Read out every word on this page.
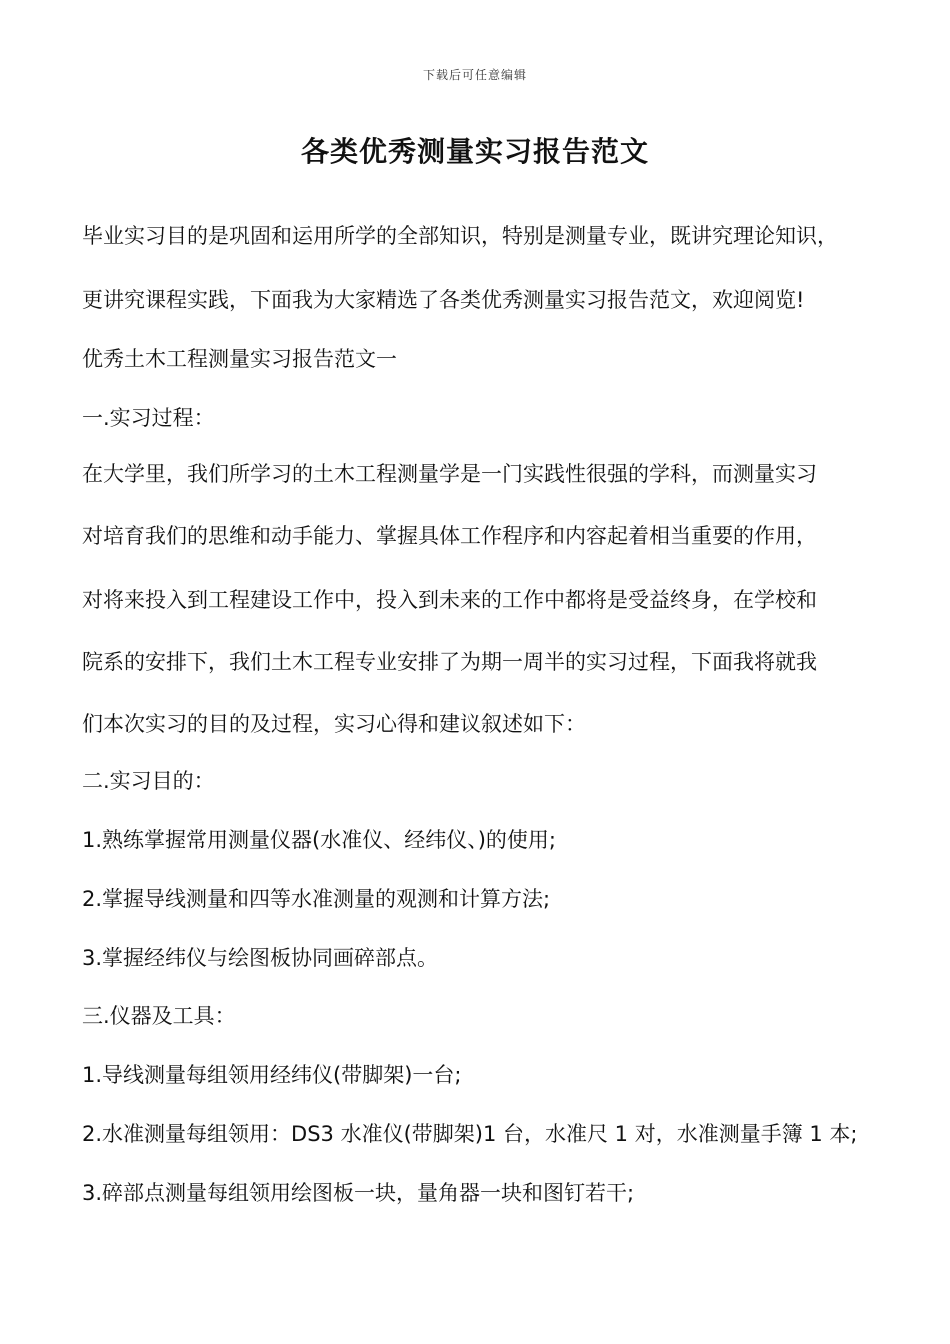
下载后可任意编辑
各类优秀测量实习报告范文

毕业实习目的是巩固和运用所学的全部知识，特别是测量专业，既讲究理论知识，

更讲究课程实践，下面我为大家精选了各类优秀测量实习报告范文，欢迎阅览!

优秀土木工程测量实习报告范文一

一.实习过程：

在大学里，我们所学习的土木工程测量学是一门实践性很强的学科，而测量实习

对培育我们的思维和动手能力、掌握具体工作程序和内容起着相当重要的作用，

对将来投入到工程建设工作中，投入到未来的工作中都将是受益终身，在学校和

院系的安排下，我们土木工程专业安排了为期一周半的实习过程，下面我将就我

们本次实习的目的及过程，实习心得和建议叙述如下：

二.实习目的：

1.熟练掌握常用测量仪器(水准仪、经纬仪、)的使用;

2.掌握导线测量和四等水准测量的观测和计算方法;

3.掌握经纬仪与绘图板协同画碎部点。

三.仪器及工具：

1.导线测量每组领用经纬仪(带脚架)一台;

2.水准测量每组领用：DS3 水准仪(带脚架)1 台，水准尺 1 对，水准测量手簿 1 本;

3.碎部点测量每组领用绘图板一块，量角器一块和图钉若干;
